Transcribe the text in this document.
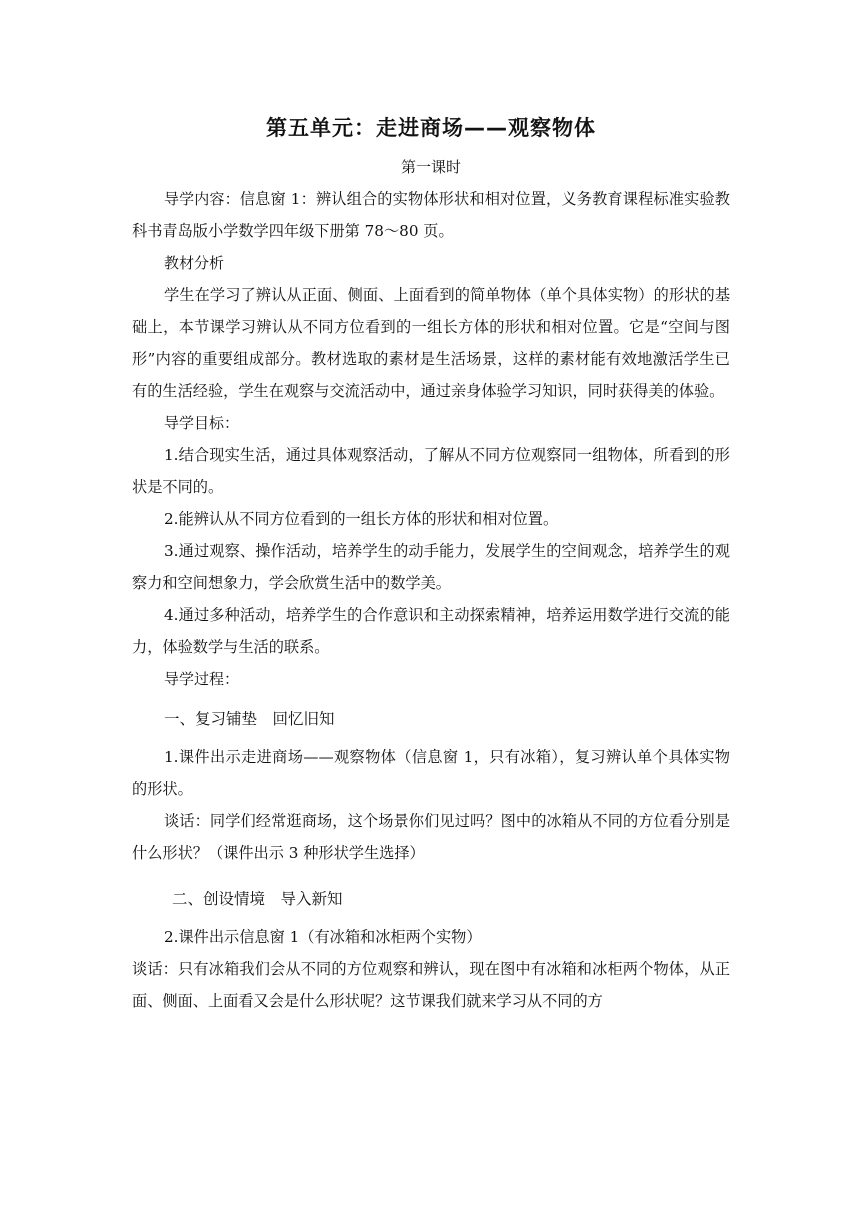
第五单元：走进商场——观察物体
第一课时

导学内容：信息窗 1：辨认组合的实物体形状和相对位置，义务教育课程标准实验教科书青岛版小学数学四年级下册第 78～80 页。

教材分析

学生在学习了辨认从正面、侧面、上面看到的简单物体（单个具体实物）的形状的基础上，本节课学习辨认从不同方位看到的一组长方体的形状和相对位置。它是“空间与图形”内容的重要组成部分。教材选取的素材是生活场景，这样的素材能有效地激活学生已有的生活经验，学生在观察与交流活动中，通过亲身体验学习知识，同时获得美的体验。

导学目标：

1.结合现实生活，通过具体观察活动，了解从不同方位观察同一组物体，所看到的形状是不同的。

2.能辨认从不同方位看到的一组长方体的形状和相对位置。

3.通过观察、操作活动，培养学生的动手能力，发展学生的空间观念，培养学生的观察力和空间想象力，学会欣赏生活中的数学美。

4.通过多种活动，培养学生的合作意识和主动探索精神，培养运用数学进行交流的能力，体验数学与生活的联系。

导学过程：

一、复习铺垫　回忆旧知

1.课件出示走进商场——观察物体（信息窗 1，只有冰箱），复习辨认单个具体实物的形状。

谈话：同学们经常逛商场，这个场景你们见过吗？图中的冰箱从不同的方位看分别是什么形状？（课件出示 3 种形状学生选择）

二、创设情境　导入新知

2.课件出示信息窗 1（有冰箱和冰柜两个实物）

谈话：只有冰箱我们会从不同的方位观察和辨认，现在图中有冰箱和冰柜两个物体，从正面、侧面、上面看又会是什么形状呢？这节课我们就来学习从不同的方
